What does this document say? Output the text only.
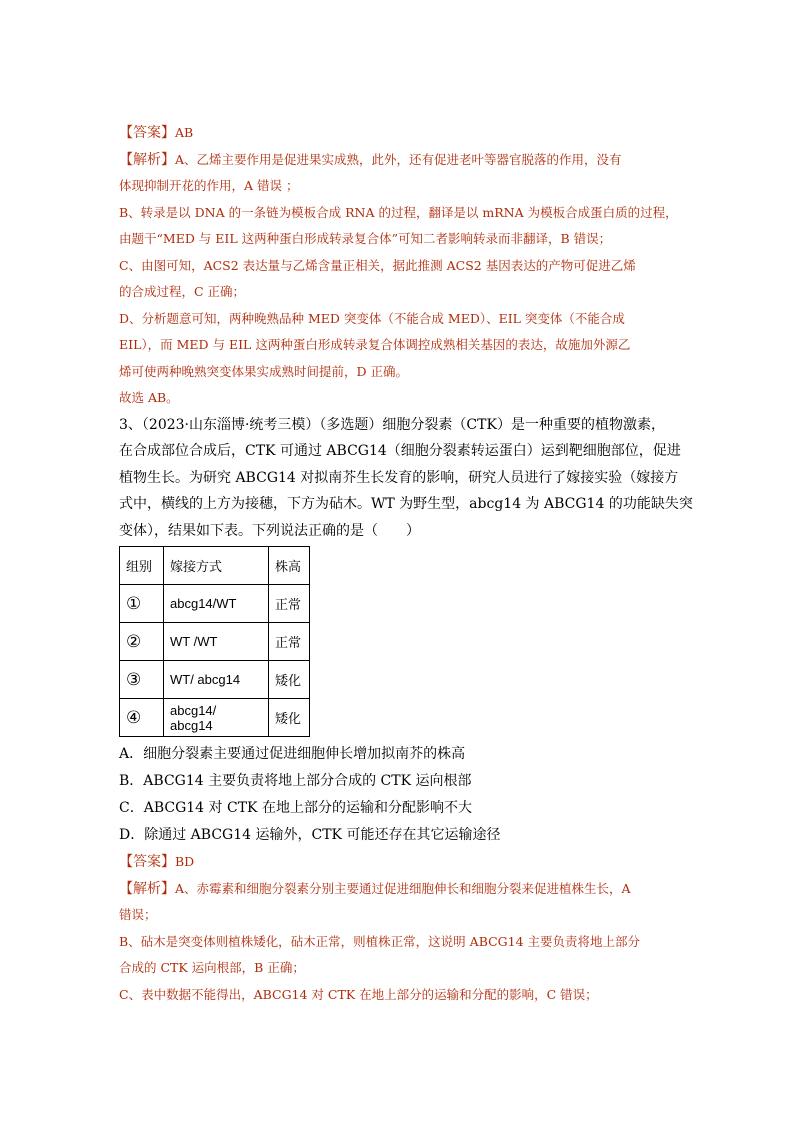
【答案】AB
【解析】A、乙烯主要作用是促进果实成熟，此外，还有促进老叶等器官脱落的作用，没有
体现抑制开花的作用，A 错误 ；
B、转录是以 DNA 的一条链为模板合成 RNA 的过程，翻译是以 mRNA 为模板合成蛋白质的过程，
由题干“MED 与 EIL 这两种蛋白形成转录复合体”可知二者影响转录而非翻译，B 错误；
C、由图可知，ACS2 表达量与乙烯含量正相关，据此推测 ACS2 基因表达的产物可促进乙烯
的合成过程，C 正确；
D、分析题意可知，两种晚熟品种 MED 突变体（不能合成 MED）、EIL 突变体（不能合成
EIL），而 MED 与 EIL 这两种蛋白形成转录复合体调控成熟相关基因的表达，故施加外源乙
烯可使两种晚熟突变体果实成熟时间提前，D 正确。
故选 AB。
3、（2023·山东淄博·统考三模）（多选题）细胞分裂素（CTK）是一种重要的植物激素，
在合成部位合成后，CTK 可通过 ABCG14（细胞分裂素转运蛋白）运到靶细胞部位，促进
植物生长。为研究 ABCG14 对拟南芥生长发育的影响，研究人员进行了嫁接实验（嫁接方
式中，横线的上方为接穗，下方为砧木。WT 为野生型，abcg14 为 ABCG14 的功能缺失突
变体），结果如下表。下列说法正确的是（　　）
组别	嫁接方式	株高
①	abcg14/WT	正常
②	WT /WT	正常
③	WT/ abcg14	矮化
④	abcg14/ abcg14	矮化
A．细胞分裂素主要通过促进细胞伸长增加拟南芥的株高
B．ABCG14 主要负责将地上部分合成的 CTK 运向根部
C．ABCG14 对 CTK 在地上部分的运输和分配影响不大
D．除通过 ABCG14 运输外，CTK 可能还存在其它运输途径
【答案】BD
【解析】A、赤霉素和细胞分裂素分别主要通过促进细胞伸长和细胞分裂来促进植株生长，A
错误；
B、砧木是突变体则植株矮化，砧木正常，则植株正常，这说明 ABCG14 主要负责将地上部分
合成的 CTK 运向根部，B 正确；
C、表中数据不能得出，ABCG14 对 CTK 在地上部分的运输和分配的影响，C 错误；
